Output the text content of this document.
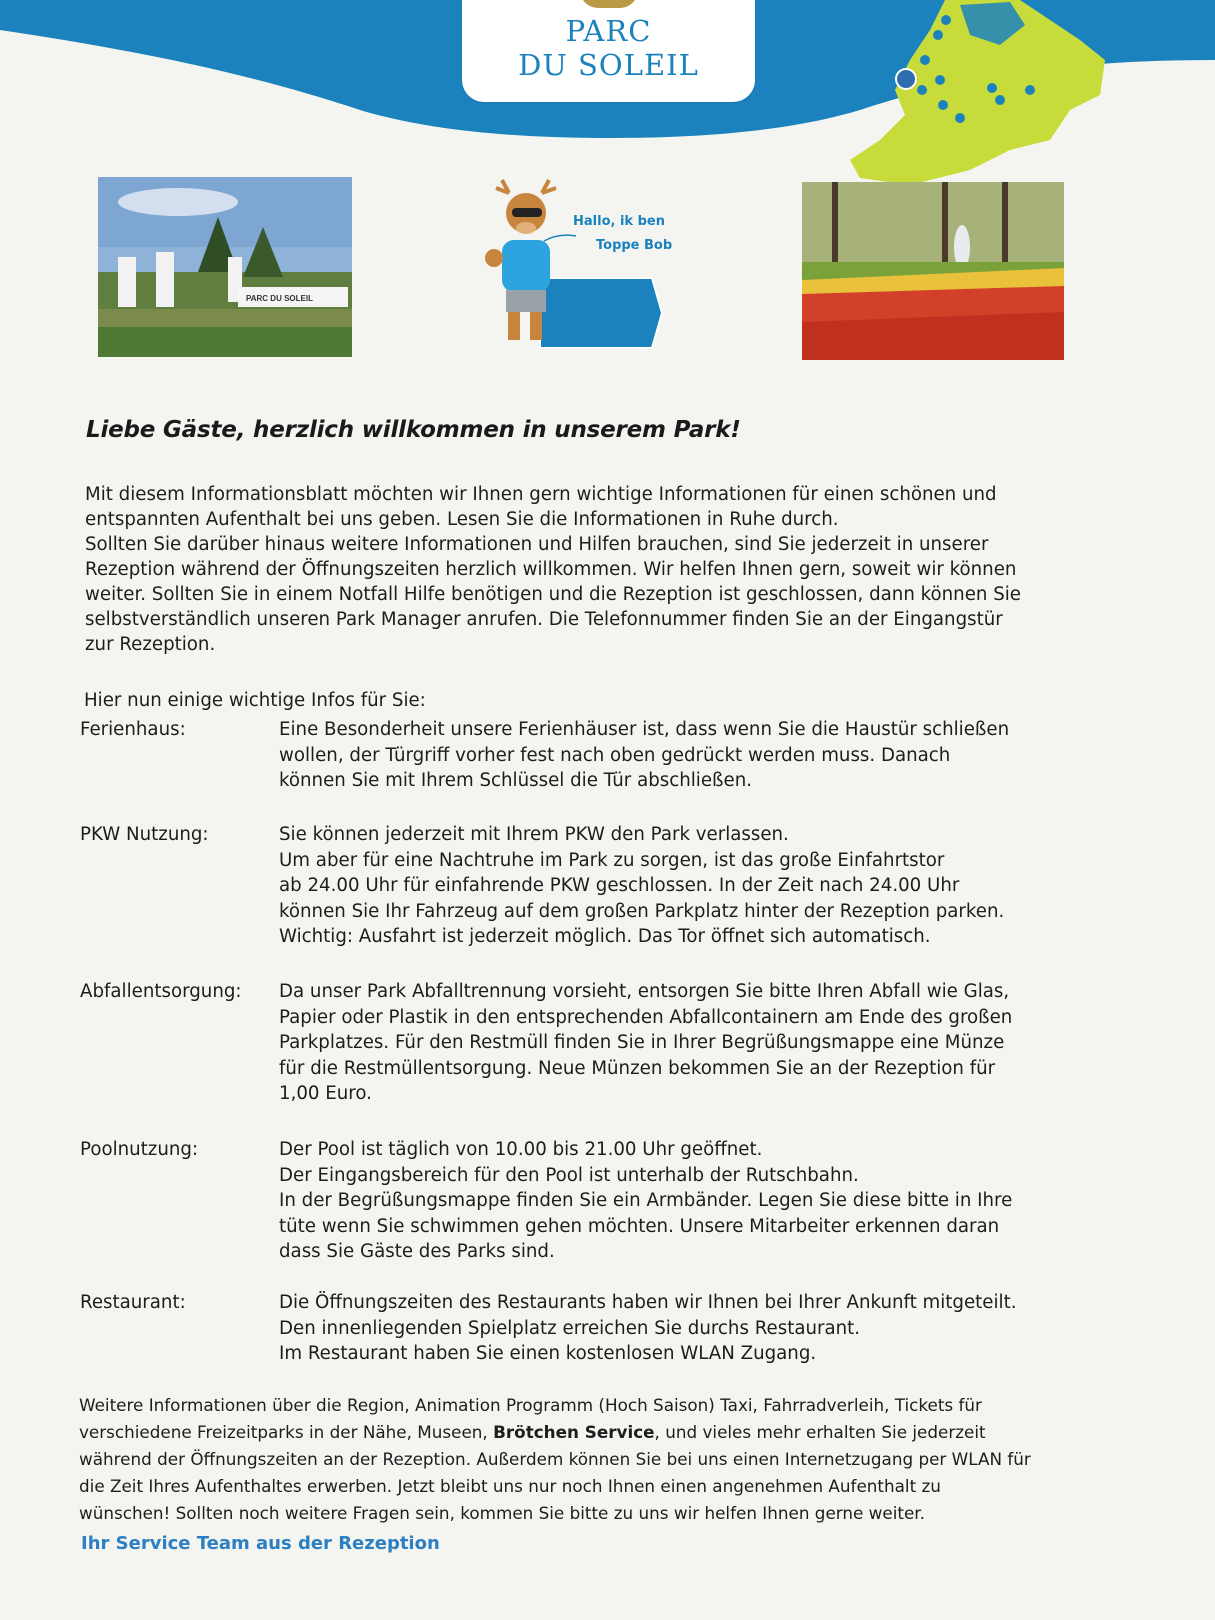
PARC
DU SOLEIL
PARC DU SOLEIL
Hallo, ik ben
Toppe Bob
Liebe Gäste, herzlich willkommen in unserem Park!
Mit diesem Informationsblatt möchten wir Ihnen gern wichtige Informationen für einen schönen und
entspannten Aufenthalt bei uns geben. Lesen Sie die Informationen in Ruhe durch.
Sollten Sie darüber hinaus weitere Informationen und Hilfen brauchen, sind Sie jederzeit in unserer
Rezeption während der Öffnungszeiten herzlich willkommen. Wir helfen Ihnen gern, soweit wir können
weiter. Sollten Sie in einem Notfall Hilfe benötigen und die Rezeption ist geschlossen, dann können Sie
selbstverständlich unseren Park Manager anrufen. Die Telefonnummer finden Sie an der Eingangstür
zur Rezeption.
Hier nun einige wichtige Infos für Sie:
Ferienhaus:	Eine Besonderheit unsere Ferienhäuser ist, dass wenn Sie die Haustür schließen
wollen, der Türgriff vorher fest nach oben gedrückt werden muss. Danach
können Sie mit Ihrem Schlüssel die Tür abschließen.
PKW Nutzung:	Sie können jederzeit mit Ihrem PKW den Park verlassen.
Um aber für eine Nachtruhe im Park zu sorgen, ist das große Einfahrtstor
ab 24.00 Uhr für einfahrende PKW geschlossen. In der Zeit nach 24.00 Uhr
können Sie Ihr Fahrzeug auf dem großen Parkplatz hinter der Rezeption parken.
Wichtig: Ausfahrt ist jederzeit möglich. Das Tor öffnet sich automatisch.
Abfallentsorgung: Da unser Park Abfalltrennung vorsieht, entsorgen Sie bitte Ihren Abfall wie Glas,
Papier oder Plastik in den entsprechenden Abfallcontainern am Ende des großen
Parkplatzes. Für den Restmüll finden Sie in Ihrer Begrüßungsmappe eine Münze
für die Restmüllentsorgung. Neue Münzen bekommen Sie an der Rezeption für
1,00 Euro.
Poolnutzung:	Der Pool ist täglich von 10.00 bis 21.00 Uhr geöffnet.
Der Eingangsbereich für den Pool ist unterhalb der Rutschbahn.
In der Begrüßungsmappe finden Sie ein Armbänder. Legen Sie diese bitte in Ihre
tüte wenn Sie schwimmen gehen möchten. Unsere Mitarbeiter erkennen daran
dass Sie Gäste des Parks sind.
Restaurant:	Die Öffnungszeiten des Restaurants haben wir Ihnen bei Ihrer Ankunft mitgeteilt.
Den innenliegenden Spielplatz erreichen Sie durchs Restaurant.
Im Restaurant haben Sie einen kostenlosen WLAN Zugang.
Weitere Informationen über die Region, Animation Programm (Hoch Saison) Taxi, Fahrradverleih, Tickets für
verschiedene Freizeitparks in der Nähe, Museen, Brötchen Service, und vieles mehr erhalten Sie jederzeit
während der Öffnungszeiten an der Rezeption. Außerdem können Sie bei uns einen Internetzugang per WLAN für
die Zeit Ihres Aufenthaltes erwerben. Jetzt bleibt uns nur noch Ihnen einen angenehmen Aufenthalt zu
wünschen! Sollten noch weitere Fragen sein, kommen Sie bitte zu uns wir helfen Ihnen gerne weiter.
Ihr Service Team aus der Rezeption
